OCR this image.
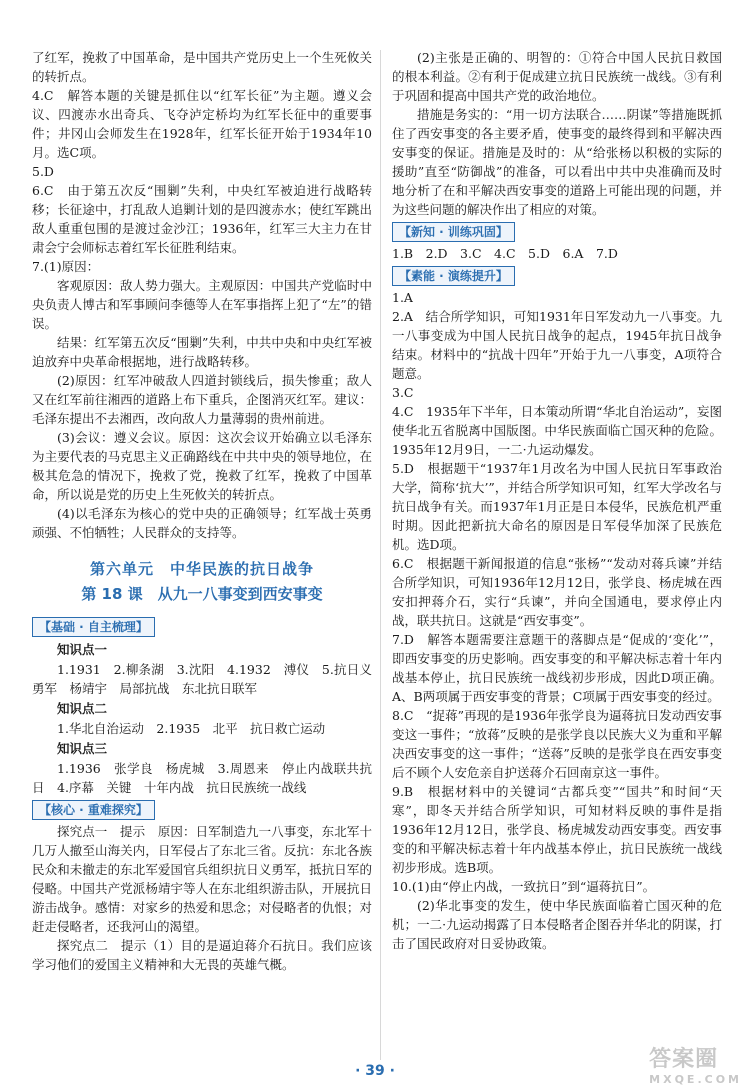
了红军，挽救了中国革命，是中国共产党历史上一个生死攸关的转折点。

4.C　解答本题的关键是抓住以“红军长征”为主题。遵义会议、四渡赤水出奇兵、飞夺泸定桥均为红军长征中的重要事件；井冈山会师发生在1928年，红军长征开始于1934年10月。选C项。

5.D

6.C　由于第五次反“围剿”失利，中央红军被迫进行战略转移；长征途中，打乱敌人追剿计划的是四渡赤水；使红军跳出敌人重重包围的是渡过金沙江；1936年，红军三大主力在甘肃会宁会师标志着红军长征胜利结束。

7.(1)原因：

客观原因：敌人势力强大。主观原因：中国共产党临时中央负责人博古和军事顾问李德等人在军事指挥上犯了“左”的错误。

结果：红军第五次反“围剿”失利，中共中央和中央红军被迫放弃中央革命根据地，进行战略转移。

(2)原因：红军冲破敌人四道封锁线后，损失惨重；敌人又在红军前往湘西的道路上布下重兵，企图消灭红军。建议：毛泽东提出不去湘西，改向敌人力量薄弱的贵州前进。

(3)会议：遵义会议。原因：这次会议开始确立以毛泽东为主要代表的马克思主义正确路线在中共中央的领导地位，在极其危急的情况下，挽救了党，挽救了红军，挽救了中国革命，所以说是党的历史上生死攸关的转折点。

(4)以毛泽东为核心的党中央的正确领导；红军战士英勇顽强、不怕牺牲；人民群众的支持等。

第六单元　中华民族的抗日战争
第 18 课　从九一八事变到西安事变
【基础 · 自主梳理】

知识点一

1.1931　2.柳条湖　3.沈阳　4.1932　溥仪　5.抗日义勇军　杨靖宇　局部抗战　东北抗日联军

知识点二

1.华北自治运动　2.1935　北平　抗日救亡运动

知识点三

1.1936　张学良　杨虎城　3.周恩来　停止内战联共抗日　4.序幕　关键　十年内战　抗日民族统一战线

【核心 · 重难探究】

探究点一　提示　原因：日军制造九一八事变，东北军十几万人撤至山海关内，日军侵占了东北三省。反抗：东北各族民众和未撤走的东北军爱国官兵组织抗日义勇军，抵抗日军的侵略。中国共产党派杨靖宇等人在东北组织游击队，开展抗日游击战争。感情：对家乡的热爱和思念；对侵略者的仇恨；对赶走侵略者，还我河山的渴望。

探究点二　提示（1）目的是逼迫蒋介石抗日。我们应该学习他们的爱国主义精神和大无畏的英雄气概。

(2)主张是正确的、明智的：①符合中国人民抗日救国的根本利益。②有利于促成建立抗日民族统一战线。③有利于巩固和提高中国共产党的政治地位。

措施是务实的：“用一切方法联合……阴谋”等措施既抓住了西安事变的各主要矛盾，使事变的最终得到和平解决西安事变的保证。措施是及时的：从“给张杨以积极的实际的援助”直至“防御战”的准备，可以看出中共中央准确而及时地分析了在和平解决西安事变的道路上可能出现的问题，并为这些问题的解决作出了相应的对策。

【新知 · 训练巩固】

1.B　2.D　3.C　4.C　5.D　6.A　7.D

【素能 · 演练提升】

1.A

2.A　结合所学知识，可知1931年日军发动九一八事变。九一八事变成为中国人民抗日战争的起点，1945年抗日战争结束。材料中的“抗战十四年”开始于九一八事变，A项符合题意。

3.C

4.C　1935年下半年，日本策动所谓“华北自治运动”，妄图使华北五省脱离中国版图。中华民族面临亡国灭种的危险。1935年12月9日，一二·九运动爆发。

5.D　根据题干“1937年1月改名为中国人民抗日军事政治大学，简称‘抗大’”，并结合所学知识可知，红军大学改名与抗日战争有关。而1937年1月正是日本侵华，民族危机严重时期。因此把新抗大命名的原因是日军侵华加深了民族危机。选D项。

6.C　根据题干新闻报道的信息“张杨”“发动对蒋兵谏”并结合所学知识，可知1936年12月12日，张学良、杨虎城在西安扣押蒋介石，实行“兵谏”，并向全国通电，要求停止内战，联共抗日。这就是“西安事变”。

7.D　解答本题需要注意题干的落脚点是“促成的‘变化’”，即西安事变的历史影响。西安事变的和平解决标志着十年内战基本停止，抗日民族统一战线初步形成，因此D项正确。A、B两项属于西安事变的背景；C项属于西安事变的经过。

8.C　“捉蒋”再现的是1936年张学良为逼蒋抗日发动西安事变这一事件；“放蒋”反映的是张学良以民族大义为重和平解决西安事变的这一事件；“送蒋”反映的是张学良在西安事变后不顾个人安危亲自护送蒋介石回南京这一事件。

9.B　根据材料中的关键词“古都兵变”“国共”和时间“天寒”，即冬天并结合所学知识，可知材料反映的事件是指1936年12月12日，张学良、杨虎城发动西安事变。西安事变的和平解决标志着十年内战基本停止，抗日民族统一战线初步形成。选B项。

10.(1)由“停止内战，一致抗日”到“逼蒋抗日”。

(2)华北事变的发生，使中华民族面临着亡国灭种的危机；一二·九运动揭露了日本侵略者企图吞并华北的阴谋，打击了国民政府对日妥协政策。

· 39 ·	答案圈
MXQE.COM
